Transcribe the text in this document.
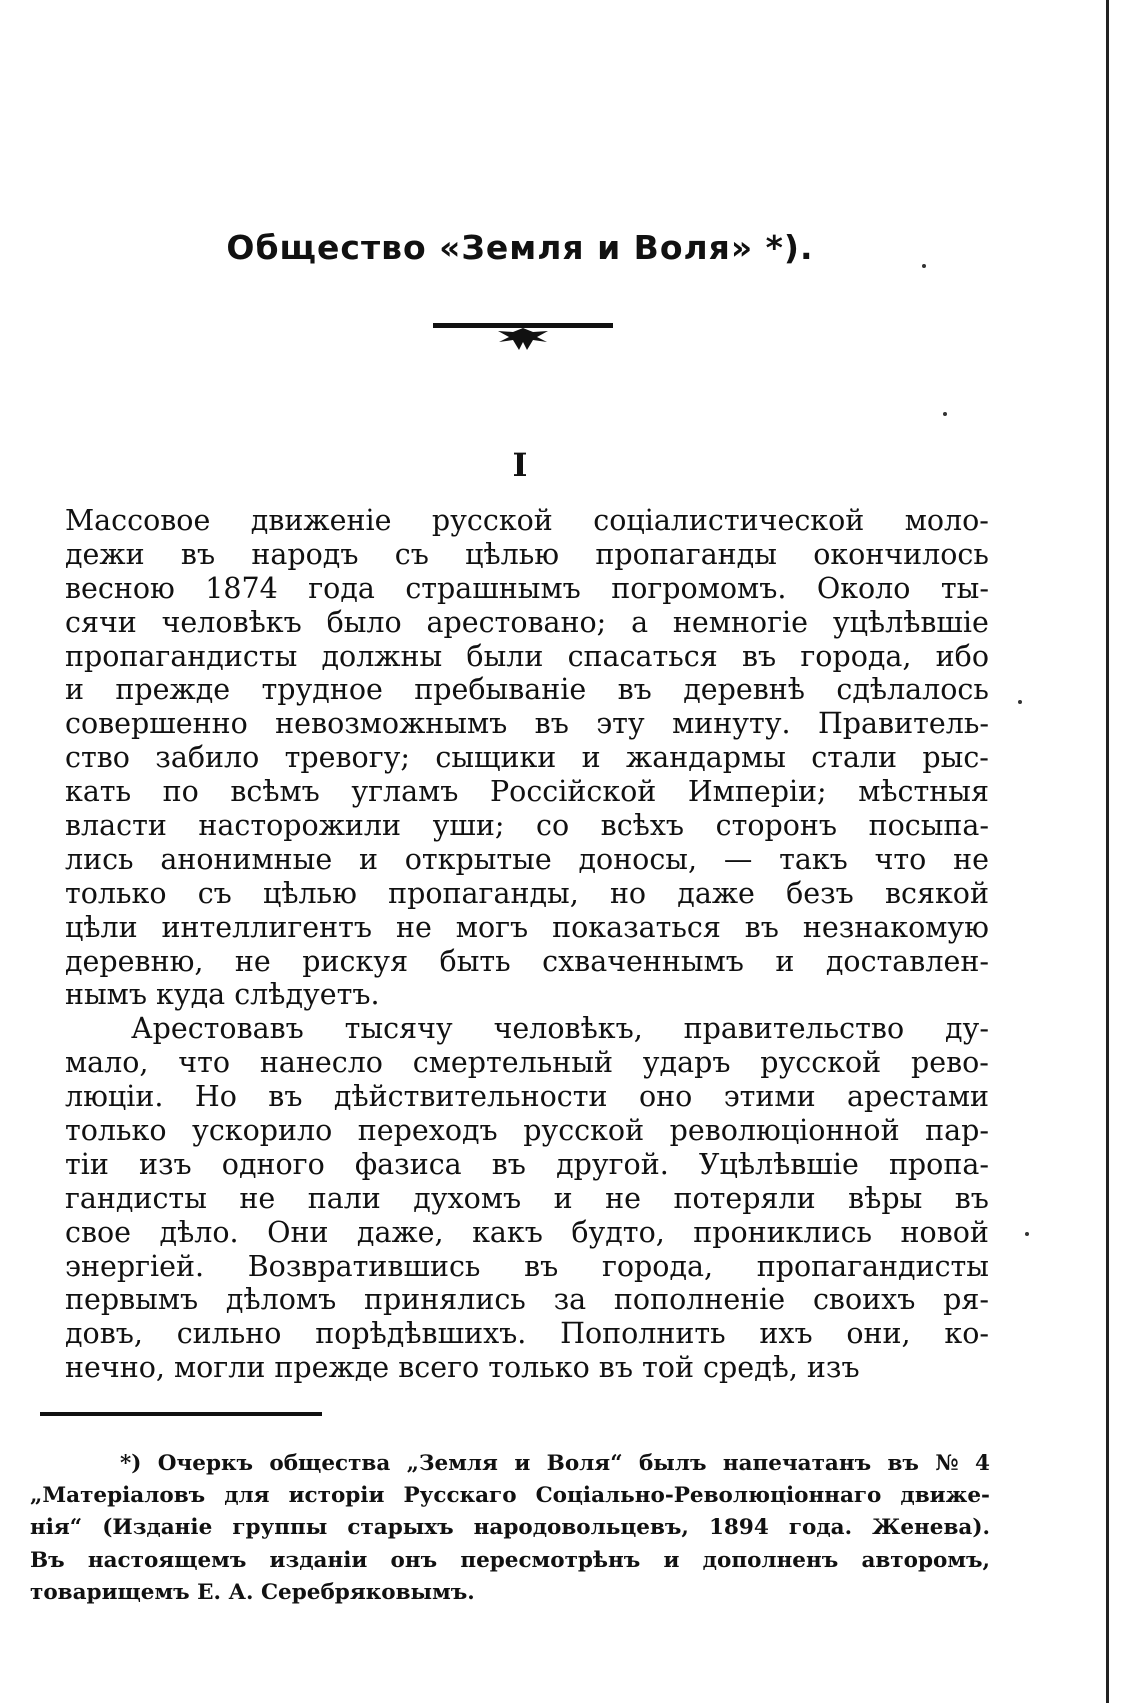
Общество «Земля и Воля» *).
I
Массовое движенiе русской соцiалистической моло-
дежи въ народъ съ цѣлью пропаганды окончилось
весною 1874 года страшнымъ погромомъ. Около ты-
сячи человѣкъ было арестовано; а немногiе уцѣлѣвшiе
пропагандисты должны были спасаться въ города, ибо
и прежде трудное пребыванiе въ деревнѣ сдѣлалось
совершенно невозможнымъ въ эту минуту. Правитель-
ство забило тревогу; сыщики и жандармы стали рыс-
кать по всѣмъ угламъ Россiйской Имперiи; мѣстныя
власти насторожили уши; со всѣхъ сторонъ посыпа-
лись анонимные и открытые доносы, — такъ что не
только съ цѣлью пропаганды, но даже безъ всякой
цѣли интеллигентъ не могъ показаться въ незнакомую
деревню, не рискуя быть схваченнымъ и доставлен-
нымъ куда слѣдуетъ.
Арестовавъ тысячу человѣкъ, правительство ду-
мало, что нанесло смертельный ударъ русской рево-
люцiи. Но въ дѣйствительности оно этими арестами
только ускорило переходъ русской революцiонной пар-
тiи изъ одного фазиса въ другой. Уцѣлѣвшiе пропа-
гандисты не пали духомъ и не потеряли вѣры въ
свое дѣло. Они даже, какъ будто, прониклись новой
энергiей. Возвратившись въ города, пропагандисты
первымъ дѣломъ принялись за пополненiе своихъ ря-
довъ, сильно порѣдѣвшихъ. Пополнить ихъ они, ко-
нечно, могли прежде всего только въ той средѣ, изъ
*) Очеркъ общества „Земля и Воля“ былъ напечатанъ въ № 4
„Матерiаловъ для исторiи Русскаго Соцiально-Революцiоннаго движе-
нiя“ (Изданiе группы старыхъ народовольцевъ, 1894 года. Женева).
Въ настоящемъ изданiи онъ пересмотрѣнъ и дополненъ авторомъ,
товарищемъ Е. А. Серебряковымъ.
